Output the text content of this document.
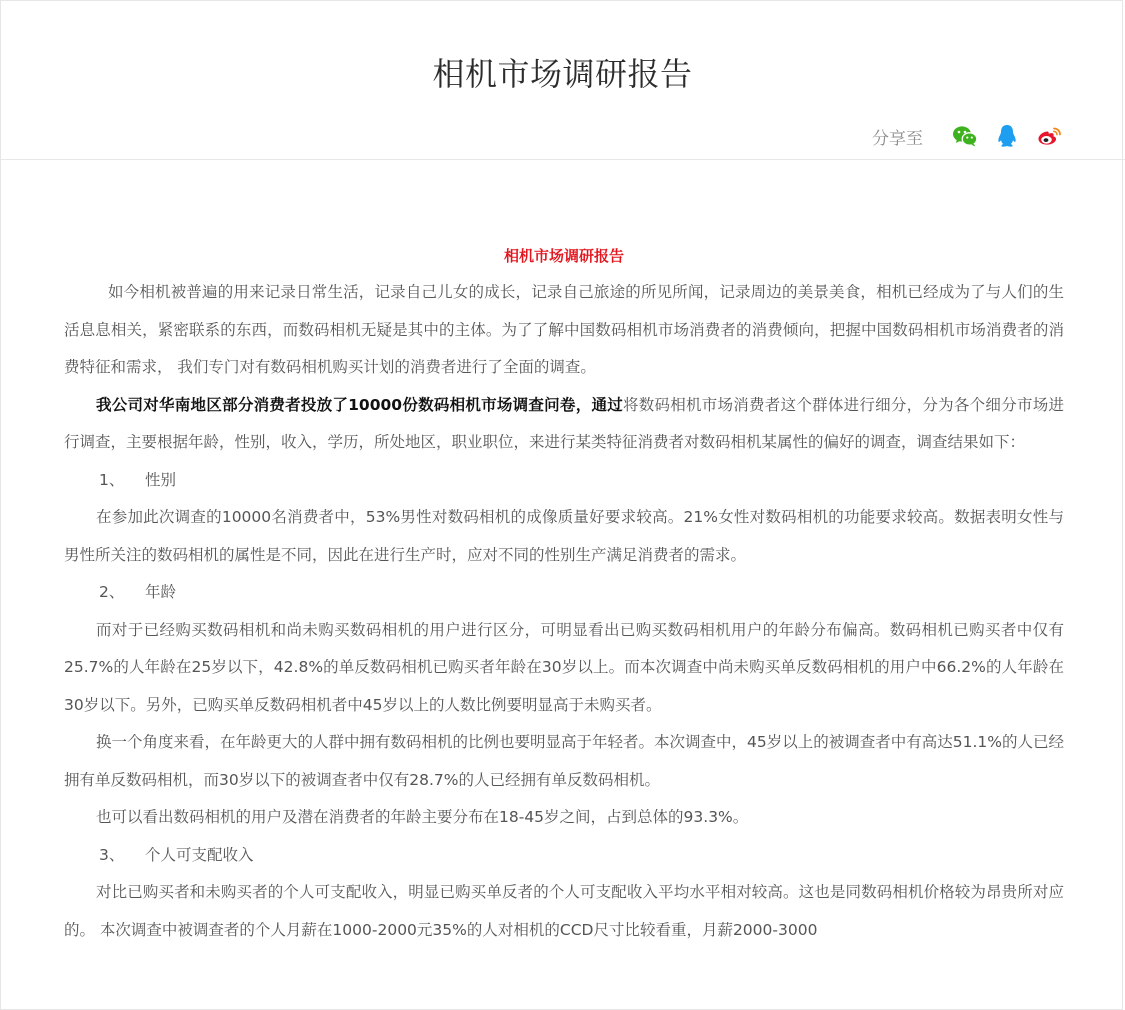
相机市场调研报告
分享至
相机市场调研报告

如今相机被普遍的用来记录日常生活，记录自己儿女的成长，记录自己旅途的所见所闻，记录周边的美景美食，相机已经成为了与人们的生活息息相关，紧密联系的东西，而数码相机无疑是其中的主体。为了了解中国数码相机市场消费者的消费倾向，把握中国数码相机市场消费者的消费特征和需求， 我们专门对有数码相机购买计划的消费者进行了全面的调查。

我公司对华南地区部分消费者投放了10000份数码相机市场调查问卷，通过将数码相机市场消费者这个群体进行细分，分为各个细分市场进行调查，主要根据年龄，性别，收入，学历，所处地区，职业职位，来进行某类特征消费者对数码相机某属性的偏好的调查，调查结果如下：

1、 性别

在参加此次调查的10000名消费者中，53%男性对数码相机的成像质量好要求较高。21%女性对数码相机的功能要求较高。数据表明女性与男性所关注的数码相机的属性是不同，因此在进行生产时，应对不同的性别生产满足消费者的需求。

2、 年龄

而对于已经购买数码相机和尚未购买数码相机的用户进行区分，可明显看出已购买数码相机用户的年龄分布偏高。数码相机已购买者中仅有25.7%的人年龄在25岁以下，42.8%的单反数码相机已购买者年龄在30岁以上。而本次调查中尚未购买单反数码相机的用户中66.2%的人年龄在30岁以下。另外，已购买单反数码相机者中45岁以上的人数比例要明显高于未购买者。

换一个角度来看，在年龄更大的人群中拥有数码相机的比例也要明显高于年轻者。本次调查中，45岁以上的被调查者中有高达51.1%的人已经拥有单反数码相机，而30岁以下的被调查者中仅有28.7%的人已经拥有单反数码相机。

也可以看出数码相机的用户及潜在消费者的年龄主要分布在18-45岁之间，占到总体的93.3%。

3、 个人可支配收入

对比已购买者和未购买者的个人可支配收入，明显已购买单反者的个人可支配收入平均水平相对较高。这也是同数码相机价格较为昂贵所对应的。 本次调查中被调查者的个人月薪在1000-2000元35%的人对相机的CCD尺寸比较看重，月薪2000-3000
